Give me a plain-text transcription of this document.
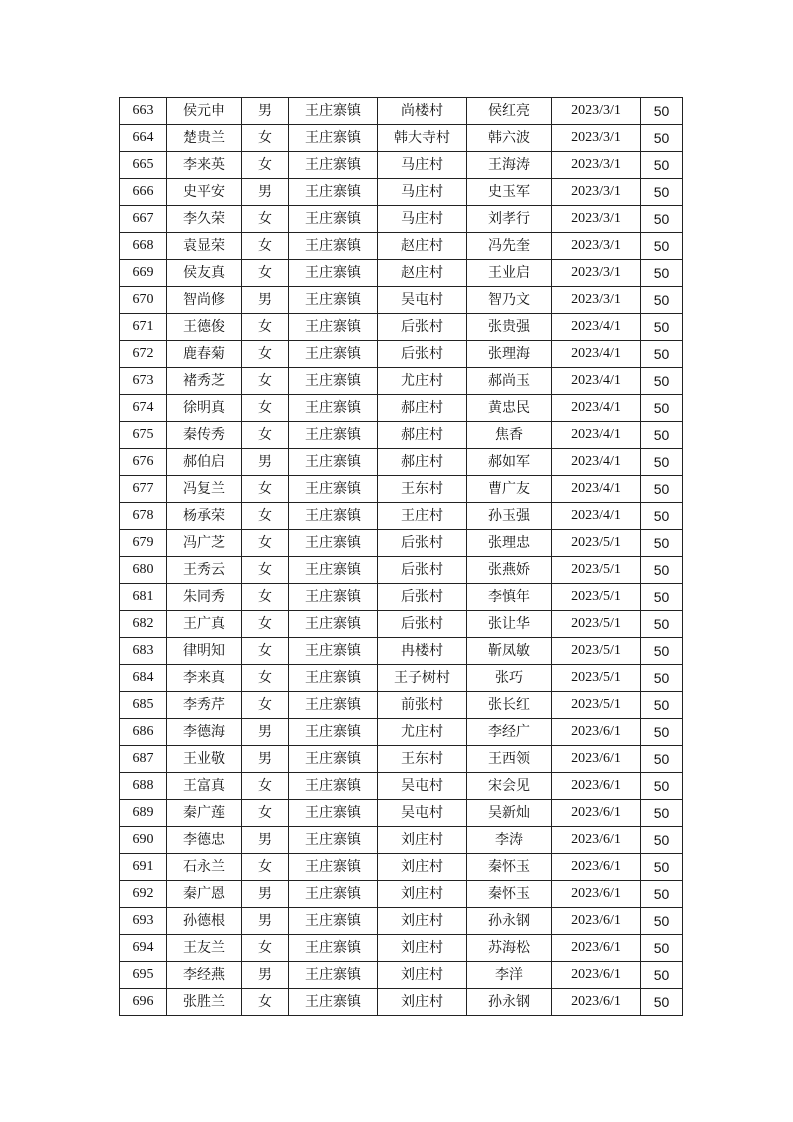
663	侯元申	男	王庄寨镇	尚楼村	侯红亮	2023/3/1	50
664	楚贵兰	女	王庄寨镇	韩大寺村	韩六波	2023/3/1	50
665	李来英	女	王庄寨镇	马庄村	王海涛	2023/3/1	50
666	史平安	男	王庄寨镇	马庄村	史玉军	2023/3/1	50
667	李久荣	女	王庄寨镇	马庄村	刘孝行	2023/3/1	50
668	袁显荣	女	王庄寨镇	赵庄村	冯先奎	2023/3/1	50
669	侯友真	女	王庄寨镇	赵庄村	王业启	2023/3/1	50
670	智尚修	男	王庄寨镇	吴屯村	智乃文	2023/3/1	50
671	王德俊	女	王庄寨镇	后张村	张贵强	2023/4/1	50
672	鹿春菊	女	王庄寨镇	后张村	张理海	2023/4/1	50
673	褚秀芝	女	王庄寨镇	尤庄村	郝尚玉	2023/4/1	50
674	徐明真	女	王庄寨镇	郝庄村	黄忠民	2023/4/1	50
675	秦传秀	女	王庄寨镇	郝庄村	焦香	2023/4/1	50
676	郝伯启	男	王庄寨镇	郝庄村	郝如军	2023/4/1	50
677	冯复兰	女	王庄寨镇	王东村	曹广友	2023/4/1	50
678	杨承荣	女	王庄寨镇	王庄村	孙玉强	2023/4/1	50
679	冯广芝	女	王庄寨镇	后张村	张理忠	2023/5/1	50
680	王秀云	女	王庄寨镇	后张村	张燕娇	2023/5/1	50
681	朱同秀	女	王庄寨镇	后张村	李慎年	2023/5/1	50
682	王广真	女	王庄寨镇	后张村	张让华	2023/5/1	50
683	律明知	女	王庄寨镇	冉楼村	靳凤敏	2023/5/1	50
684	李来真	女	王庄寨镇	王子树村	张巧	2023/5/1	50
685	李秀芹	女	王庄寨镇	前张村	张长红	2023/5/1	50
686	李德海	男	王庄寨镇	尤庄村	李经广	2023/6/1	50
687	王业敬	男	王庄寨镇	王东村	王西领	2023/6/1	50
688	王富真	女	王庄寨镇	吴屯村	宋会见	2023/6/1	50
689	秦广莲	女	王庄寨镇	吴屯村	吴新灿	2023/6/1	50
690	李德忠	男	王庄寨镇	刘庄村	李涛	2023/6/1	50
691	石永兰	女	王庄寨镇	刘庄村	秦怀玉	2023/6/1	50
692	秦广恩	男	王庄寨镇	刘庄村	秦怀玉	2023/6/1	50
693	孙德根	男	王庄寨镇	刘庄村	孙永钢	2023/6/1	50
694	王友兰	女	王庄寨镇	刘庄村	苏海松	2023/6/1	50
695	李经燕	男	王庄寨镇	刘庄村	李洋	2023/6/1	50
696	张胜兰	女	王庄寨镇	刘庄村	孙永钢	2023/6/1	50
